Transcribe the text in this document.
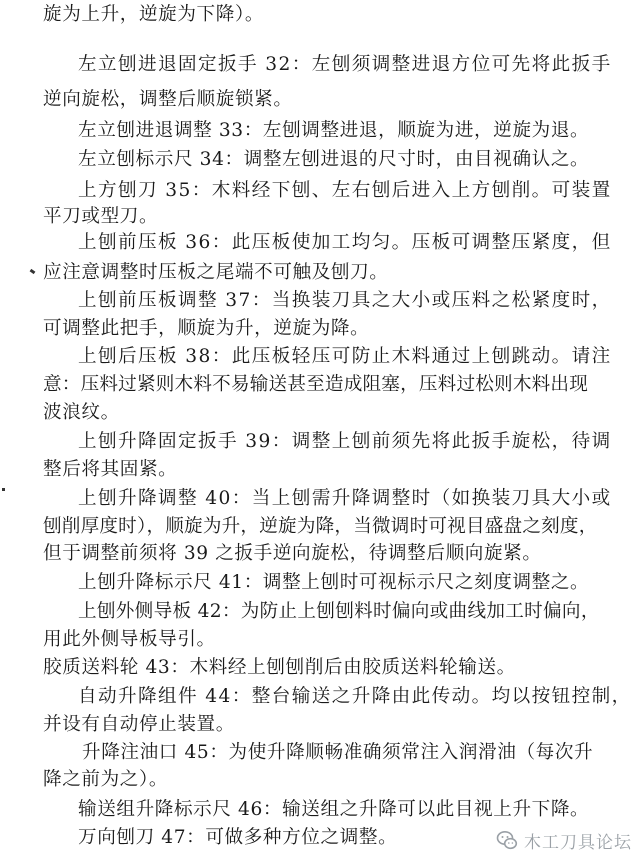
旋为上升，逆旋为下降）。
左立刨进退固定扳手 32：左刨须调整进退方位可先将此扳手
逆向旋松，调整后顺旋锁紧。
左立刨进退调整 33：左刨调整进退，顺旋为进，逆旋为退。
左立刨标示尺 34：调整左刨进退的尺寸时，由目视确认之。
上方刨刀 35：木料经下刨、左右刨后进入上方刨削。可装置
平刀或型刀。
上刨前压板 36：此压板使加工均匀。压板可调整压紧度，但
应注意调整时压板之尾端不可触及刨刀。
上刨前压板调整 37：当换装刀具之大小或压料之松紧度时，
可调整此把手，顺旋为升，逆旋为降。
上刨后压板 38：此压板轻压可防止木料通过上刨跳动。请注
意：压料过紧则木料不易输送甚至造成阻塞，压料过松则木料出现
波浪纹。
上刨升降固定扳手 39：调整上刨前须先将此扳手旋松，待调
整后将其固紧。
上刨升降调整 40：当上刨需升降调整时（如换装刀具大小或
刨削厚度时），顺旋为升，逆旋为降，当微调时可视目盛盘之刻度，
但于调整前须将 39 之扳手逆向旋松，待调整后顺向旋紧。
上刨升降标示尺 41：调整上刨时可视标示尺之刻度调整之。
上刨外侧导板 42：为防止上刨刨料时偏向或曲线加工时偏向，
用此外侧导板导引。
胶质送料轮 43：木料经上刨刨削后由胶质送料轮输送。
自动升降组件 44：整台输送之升降由此传动。均以按钮控制，
并设有自动停止装置。
升降注油口 45：为使升降顺畅准确须常注入润滑油（每次升
降之前为之）。
输送组升降标示尺 46：输送组之升降可以此目视上升下降。
万向刨刀 47：可做多种方位之调整。	木工刀具论坛
